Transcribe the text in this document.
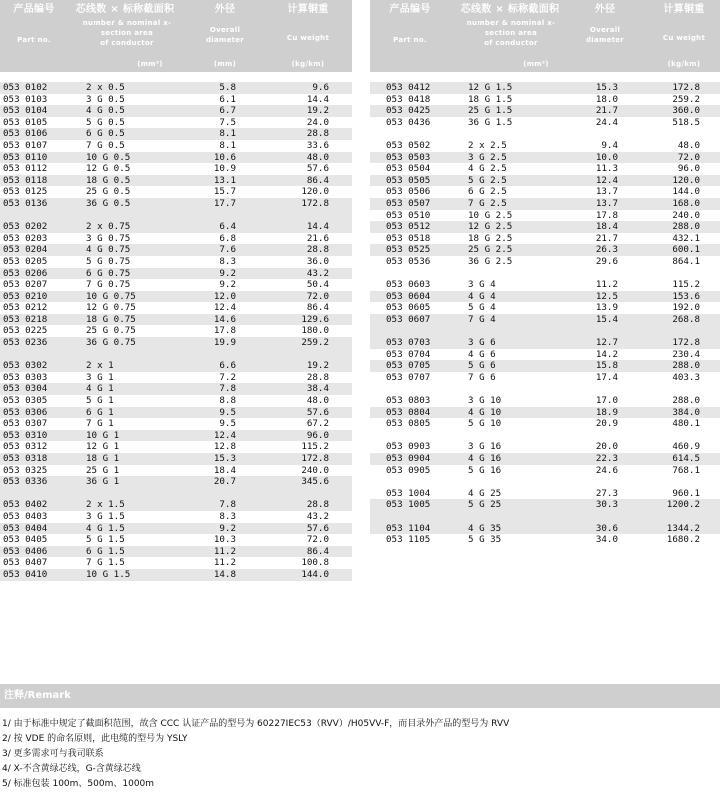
产品编号
Part no.
芯线数 × 标称截面积
number & nominal x-
section area
of conductor
(mm²)
外径
Overall
diameter
(mm)
计算铜重
Cu weight
(kg/km)
053 0102	2 x 0.5	5.8	9.6
053 0103	3 G 0.5	6.1	14.4
053 0104	4 G 0.5	6.7	19.2
053 0105	5 G 0.5	7.5	24.0
053 0106	6 G 0.5	8.1	28.8
053 0107	7 G 0.5	8.1	33.6
053 0110	10 G 0.5	10.6	48.0
053 0112	12 G 0.5	10.9	57.6
053 0118	18 G 0.5	13.1	86.4
053 0125	25 G 0.5	15.7	120.0
053 0136	36 G 0.5	17.7	172.8
053 0202	2 x 0.75	6.4	14.4
053 0203	3 G 0.75	6.8	21.6
053 0204	4 G 0.75	7.6	28.8
053 0205	5 G 0.75	8.3	36.0
053 0206	6 G 0.75	9.2	43.2
053 0207	7 G 0.75	9.2	50.4
053 0210	10 G 0.75	12.0	72.0
053 0212	12 G 0.75	12.4	86.4
053 0218	18 G 0.75	14.6	129.6
053 0225	25 G 0.75	17.8	180.0
053 0236	36 G 0.75	19.9	259.2
053 0302	2 x 1	6.6	19.2
053 0303	3 G 1	7.2	28.8
053 0304	4 G 1	7.8	38.4
053 0305	5 G 1	8.8	48.0
053 0306	6 G 1	9.5	57.6
053 0307	7 G 1	9.5	67.2
053 0310	10 G 1	12.4	96.0
053 0312	12 G 1	12.8	115.2
053 0318	18 G 1	15.3	172.8
053 0325	25 G 1	18.4	240.0
053 0336	36 G 1	20.7	345.6
053 0402	2 x 1.5	7.8	28.8
053 0403	3 G 1.5	8.3	43.2
053 0404	4 G 1.5	9.2	57.6
053 0405	5 G 1.5	10.3	72.0
053 0406	6 G 1.5	11.2	86.4
053 0407	7 G 1.5	11.2	100.8
053 0410	10 G 1.5	14.8	144.0
产品编号
Part no.
芯线数 × 标称截面积
number & nominal x-
section area
of conductor
(mm²)
外径
Overall
diameter
计算铜重
Cu weight
(kg/km)
053 0412	12 G 1.5	15.3	172.8
053 0418	18 G 1.5	18.0	259.2
053 0425	25 G 1.5	21.7	360.0
053 0436	36 G 1.5	24.4	518.5
053 0502	2 x 2.5	9.4	48.0
053 0503	3 G 2.5	10.0	72.0
053 0504	4 G 2.5	11.3	96.0
053 0505	5 G 2.5	12.4	120.0
053 0506	6 G 2.5	13.7	144.0
053 0507	7 G 2.5	13.7	168.0
053 0510	10 G 2.5	17.8	240.0
053 0512	12 G 2.5	18.4	288.0
053 0518	18 G 2.5	21.7	432.1
053 0525	25 G 2.5	26.3	600.1
053 0536	36 G 2.5	29.6	864.1
053 0603	3 G 4	11.2	115.2
053 0604	4 G 4	12.5	153.6
053 0605	5 G 4	13.9	192.0
053 0607	7 G 4	15.4	268.8
053 0703	3 G 6	12.7	172.8
053 0704	4 G 6	14.2	230.4
053 0705	5 G 6	15.8	288.0
053 0707	7 G 6	17.4	403.3
053 0803	3 G 10	17.0	288.0
053 0804	4 G 10	18.9	384.0
053 0805	5 G 10	20.9	480.1
053 0903	3 G 16	20.0	460.9
053 0904	4 G 16	22.3	614.5
053 0905	5 G 16	24.6	768.1
053 1004	4 G 25	27.3	960.1
053 1005	5 G 25	30.3	1200.2
053 1104	4 G 35	30.6	1344.2
053 1105	5 G 35	34.0	1680.2
注释/Remark
1/ 由于标准中规定了截面积范围，故含 CCC 认证产品的型号为 60227IEC53（RVV）/H05VV-F，而目录外产品的型号为 RVV
2/ 按 VDE 的命名原则，此电缆的型号为 YSLY
3/ 更多需求可与我司联系
4/ X-不含黄绿芯线，G-含黄绿芯线
5/ 标准包装 100m、500m、1000m
